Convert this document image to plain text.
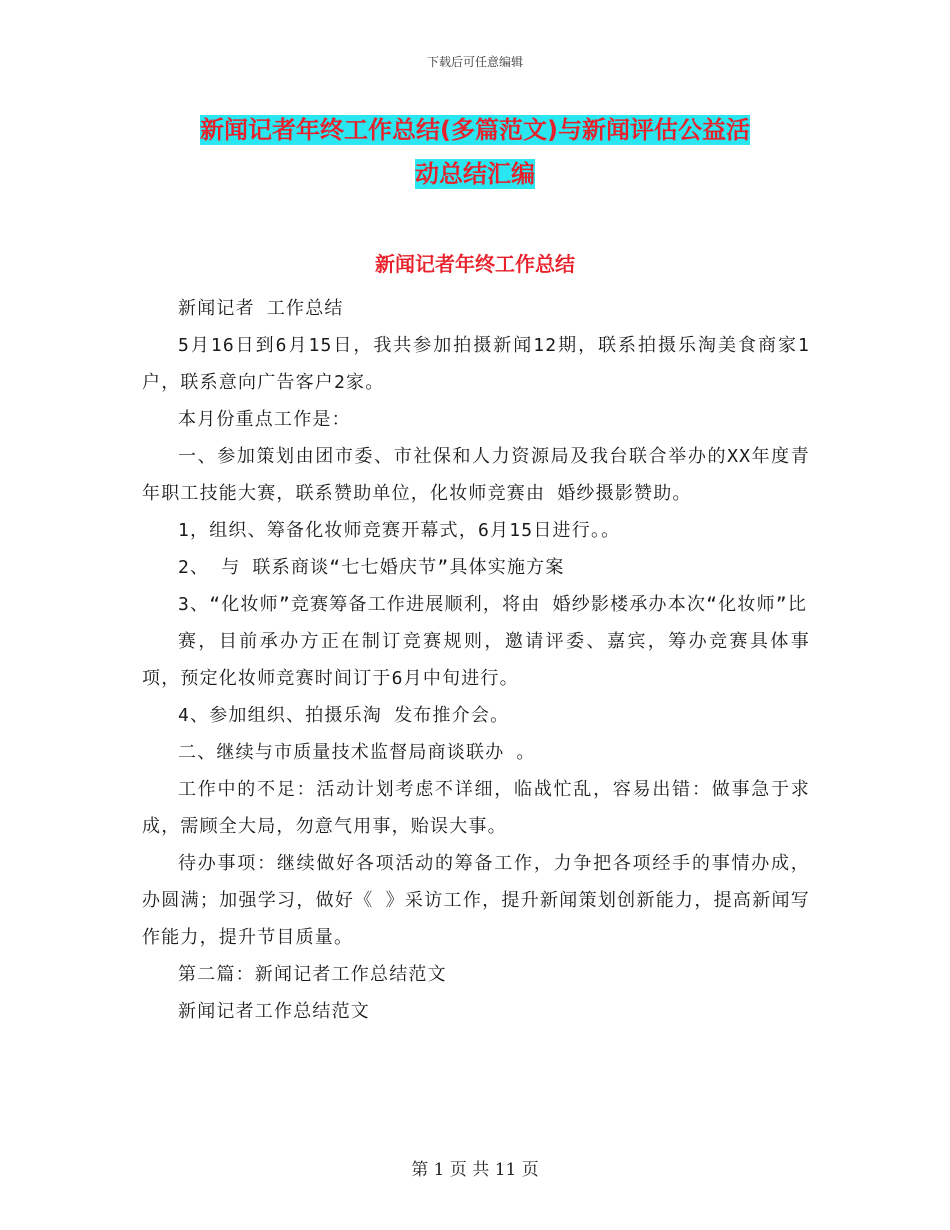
下载后可任意编辑
新闻记者年终工作总结(多篇范文)与新闻评估公益活
动总结汇编
新闻记者年终工作总结

新闻记者 工作总结

5月16日到6月15日，我共参加拍摄新闻12期，联系拍摄乐淘美食商家1户，联系意向广告客户2家。

本月份重点工作是：

一、参加策划由团市委、市社保和人力资源局及我台联合举办的XX年度青年职工技能大赛，联系赞助单位，化妆师竞赛由 婚纱摄影赞助。

1，组织、筹备化妆师竞赛开幕式，6月15日进行。。

2、 与 联系商谈“七七婚庆节”具体实施方案

3、“化妆师”竞赛筹备工作进展顺利，将由 婚纱影楼承办本次“化妆师”比

赛，目前承办方正在制订竞赛规则，邀请评委、嘉宾，筹办竞赛具体事项，预定化妆师竞赛时间订于6月中旬进行。

4、参加组织、拍摄乐淘 发布推介会。

二、继续与市质量技术监督局商谈联办 。

工作中的不足：活动计划考虑不详细，临战忙乱，容易出错：做事急于求成，需顾全大局，勿意气用事，贻误大事。

待办事项：继续做好各项活动的筹备工作，力争把各项经手的事情办成，办圆满；加强学习，做好《 》采访工作，提升新闻策划创新能力，提高新闻写作能力，提升节目质量。

第二篇：新闻记者工作总结范文

新闻记者工作总结范文

第 1 页 共 11 页
